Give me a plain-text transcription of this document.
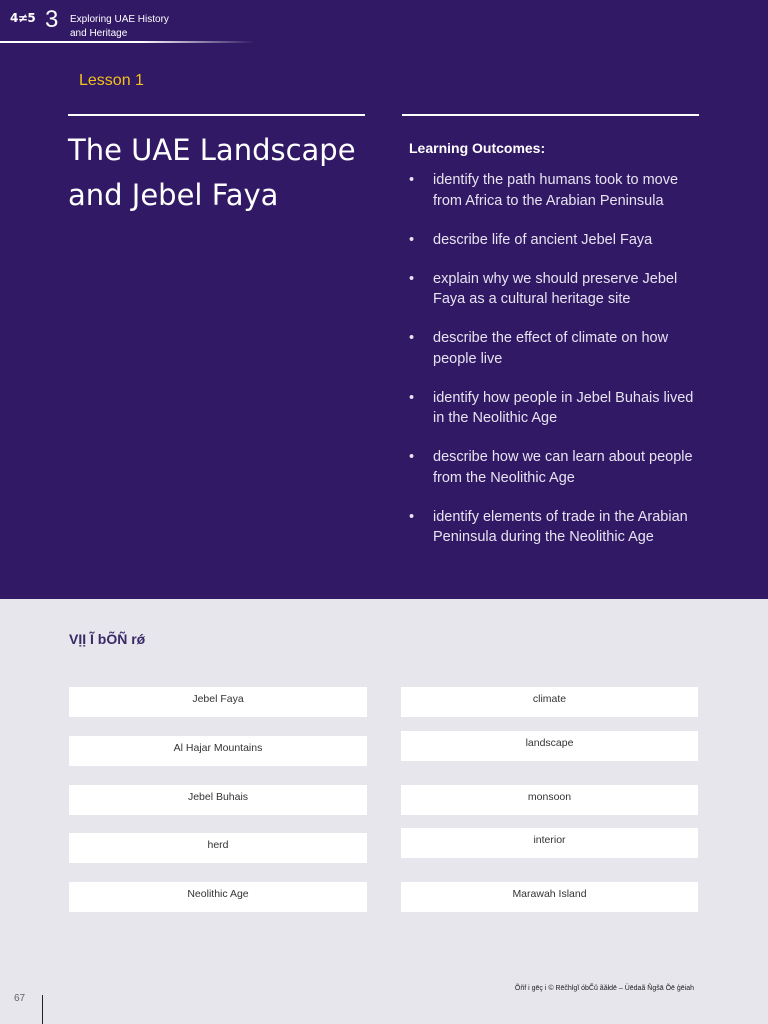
4⁠≠⁠5 3 Exploring UAE History
and Heritage
Lesson 1
The UAE Landscape
and Jebel Faya
Learning Outcomes:
• identify the path humans took to move from Africa to the Arabian Peninsula
• describe life of ancient Jebel Faya
• explain why we should preserve Jebel Faya as a cultural heritage site
• describe the effect of climate on how people live
• identify how people in Jebel Buhais lived in the Neolithic Age
• describe how we can learn about people from the Neolithic Age
• identify elements of trade in the Arabian Peninsula during the Neolithic Age
VỊỊ Ĩ bÕÑ rǿ
Jebel Faya
Al Hajar Mountains
Jebel Buhais
herd
Neolithic Age
climate
landscape
monsoon
interior
Marawah Island
67
Õñf i gēç i © Rēčhlgĭ óbČ̃ŭ ãăłdē – Üēdaã Ñgšā Õē ģēiah
